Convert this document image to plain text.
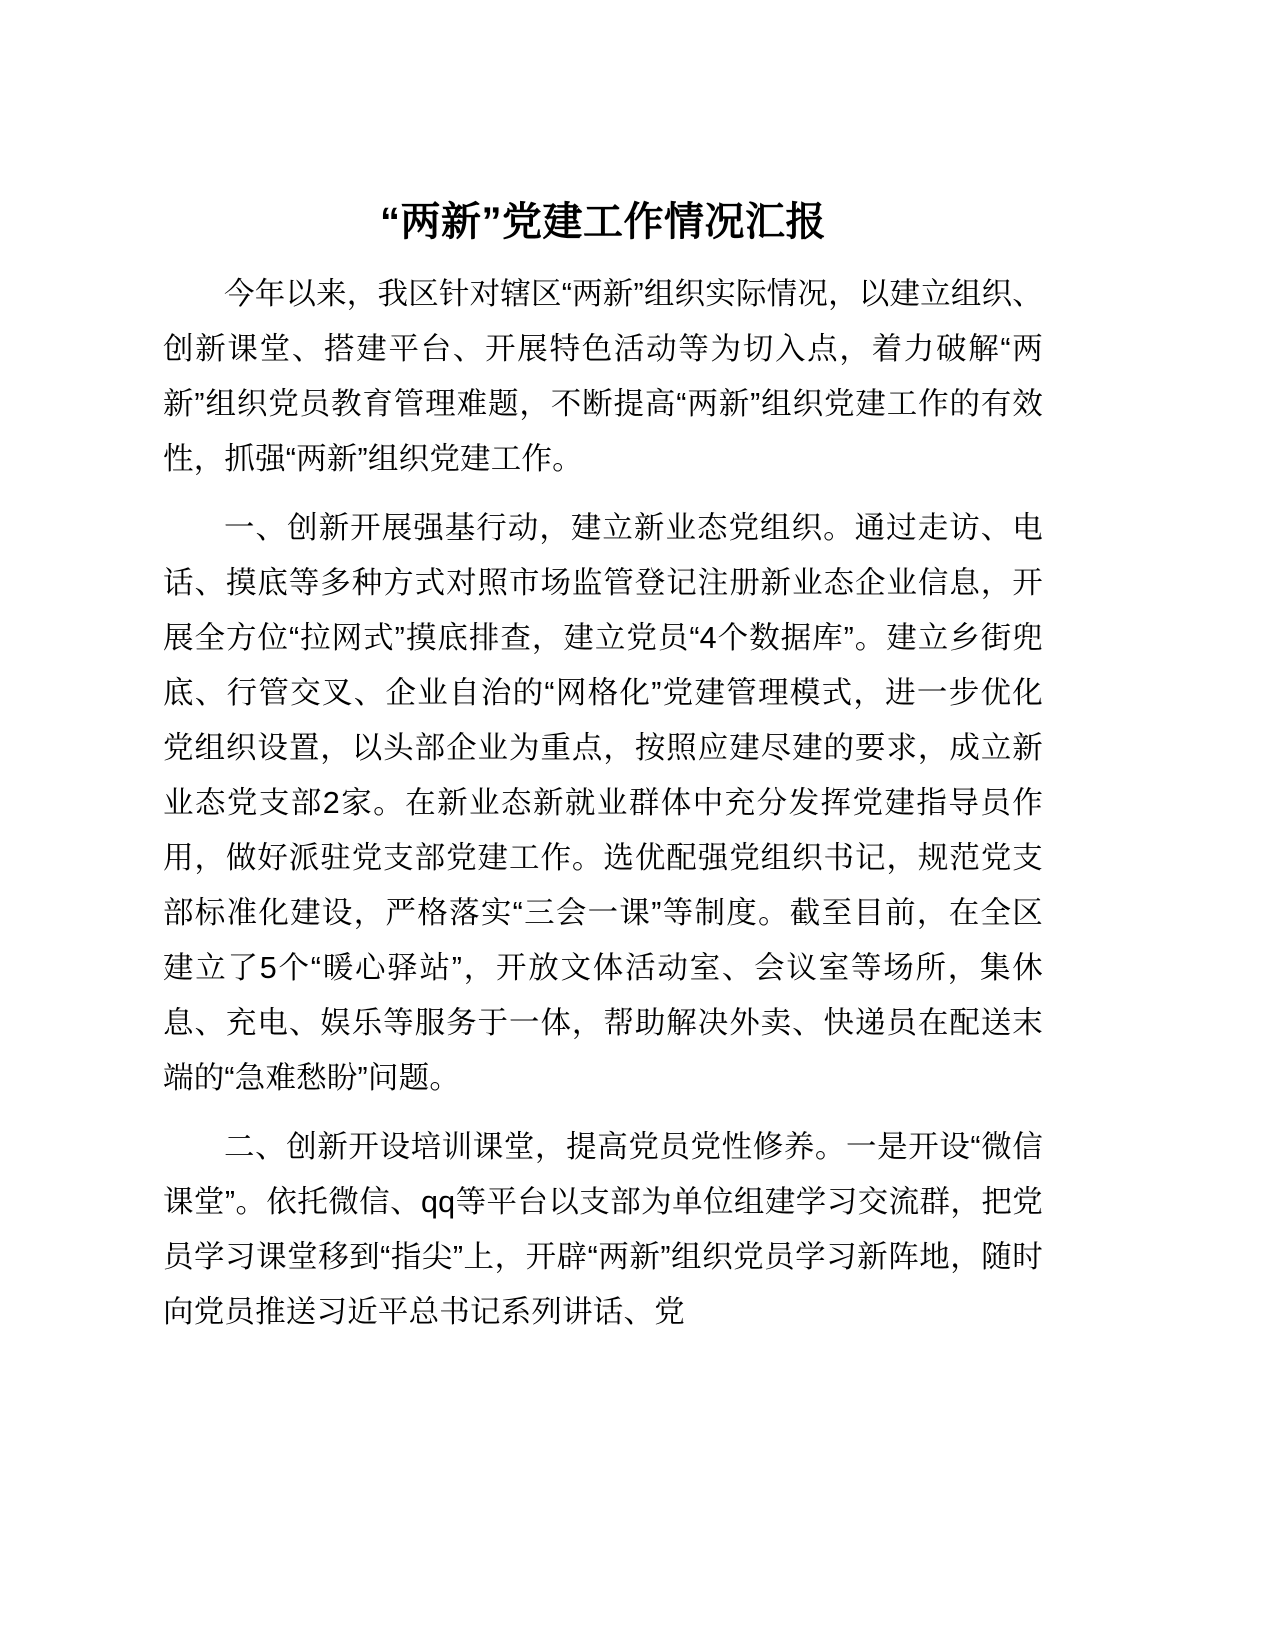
“两新”党建工作情况汇报

今年以来，我区针对辖区“两新”组织实际情况，以建立组织、创新课堂、搭建平台、开展特色活动等为切入点，着力破解“两新”组织党员教育管理难题，不断提高“两新”组织党建工作的有效性，抓强“两新”组织党建工作。

一、创新开展强基行动，建立新业态党组织。通过走访、电话、摸底等多种方式对照市场监管登记注册新业态企业信息，开展全方位“拉网式”摸底排查，建立党员“4个数据库”。建立乡街兜底、行管交叉、企业自治的“网格化”党建管理模式，进一步优化党组织设置，以头部企业为重点，按照应建尽建的要求，成立新业态党支部2家。在新业态新就业群体中充分发挥党建指导员作用，做好派驻党支部党建工作。选优配强党组织书记，规范党支部标准化建设，严格落实“三会一课”等制度。截至目前，在全区建立了5个“暖心驿站”，开放文体活动室、会议室等场所，集休息、充电、娱乐等服务于一体，帮助解决外卖、快递员在配送末端的“急难愁盼”问题。

二、创新开设培训课堂，提高党员党性修养。一是开设“微信课堂”。依托微信、qq等平台以支部为单位组建学习交流群，把党员学习课堂移到“指尖”上，开辟“两新”组织党员学习新阵地，随时向党员推送习近平总书记系列讲话、党
